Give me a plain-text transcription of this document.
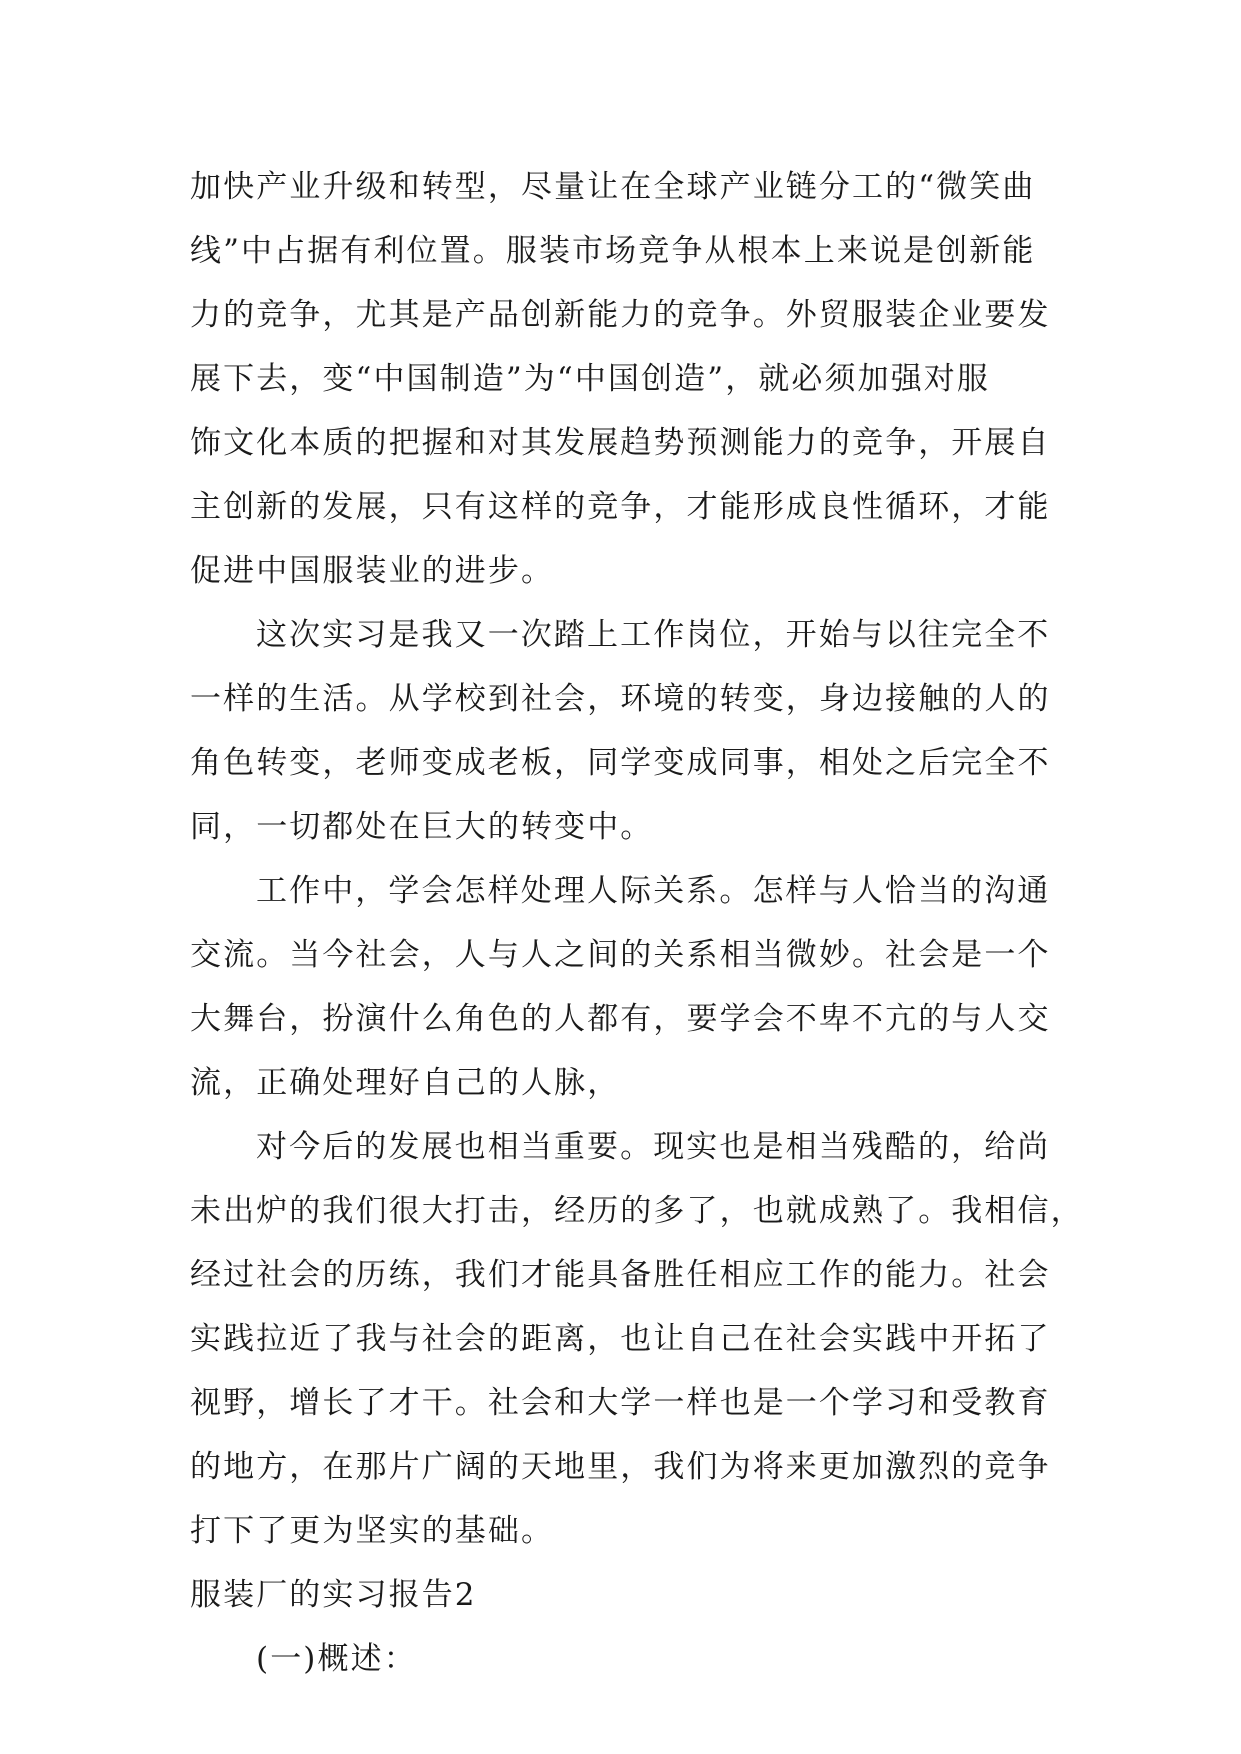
加快产业升级和转型，尽量让在全球产业链分工的“微笑曲
线”中占据有利位置。服装市场竞争从根本上来说是创新能
力的竞争，尤其是产品创新能力的竞争。外贸服装企业要发
展下去，变“中国制造”为“中国创造”，就必须加强对服
饰文化本质的把握和对其发展趋势预测能力的竞争，开展自
主创新的发展，只有这样的竞争，才能形成良性循环，才能
促进中国服装业的进步。

这次实习是我又一次踏上工作岗位，开始与以往完全不
一样的生活。从学校到社会，环境的转变，身边接触的人的
角色转变，老师变成老板，同学变成同事，相处之后完全不
同，一切都处在巨大的转变中。

工作中，学会怎样处理人际关系。怎样与人恰当的沟通
交流。当今社会，人与人之间的关系相当微妙。社会是一个
大舞台，扮演什么角色的人都有，要学会不卑不亢的与人交
流，正确处理好自己的人脉，

对今后的发展也相当重要。现实也是相当残酷的，给尚
未出炉的我们很大打击，经历的多了，也就成熟了。我相信，
经过社会的历练，我们才能具备胜任相应工作的能力。社会
实践拉近了我与社会的距离，也让自己在社会实践中开拓了
视野，增长了才干。社会和大学一样也是一个学习和受教育
的地方，在那片广阔的天地里，我们为将来更加激烈的竞争
打下了更为坚实的基础。

服装厂的实习报告2

(一)概述：
